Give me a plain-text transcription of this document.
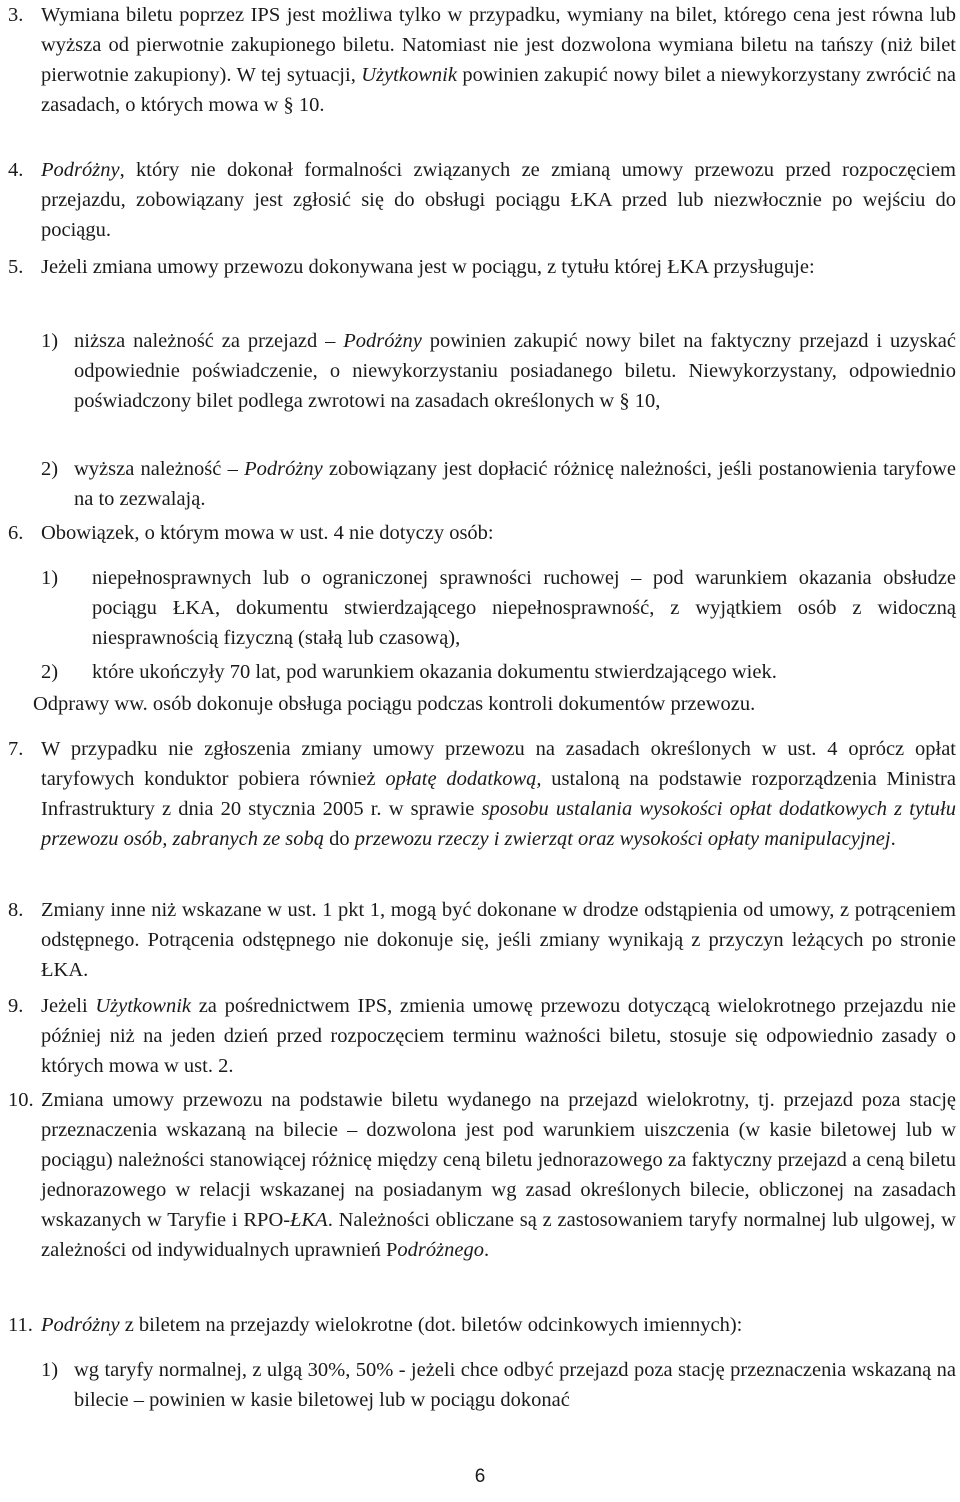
3. Wymiana biletu poprzez IPS jest możliwa tylko w przypadku, wymiany na bilet, którego cena jest równa lub wyższa od pierwotnie zakupionego biletu. Natomiast nie jest dozwolona wymiana biletu na tańszy (niż bilet pierwotnie zakupiony). W tej sytuacji, Użytkownik powinien zakupić nowy bilet a niewykorzystany zwrócić na zasadach, o których mowa w § 10.
4. Podróżny, który nie dokonał formalności związanych ze zmianą umowy przewozu przed rozpoczęciem przejazdu, zobowiązany jest zgłosić się do obsługi pociągu ŁKA przed lub niezwłocznie po wejściu do pociągu.
5. Jeżeli zmiana umowy przewozu dokonywana jest w pociągu, z tytułu której ŁKA przysługuje:
1) niższa należność za przejazd – Podróżny powinien zakupić nowy bilet na faktyczny przejazd i uzyskać odpowiednie poświadczenie, o niewykorzystaniu posiadanego biletu. Niewykorzystany, odpowiednio poświadczony bilet podlega zwrotowi na zasadach określonych w § 10,
2) wyższa należność – Podróżny zobowiązany jest dopłacić różnicę należności, jeśli postanowienia taryfowe na to zezwalają.
6. Obowiązek, o którym mowa w ust. 4 nie dotyczy osób:
1) niepełnosprawnych lub o ograniczonej sprawności ruchowej – pod warunkiem okazania obsłudze pociągu ŁKA, dokumentu stwierdzającego niepełnosprawność, z wyjątkiem osób z widoczną niesprawnością fizyczną (stałą lub czasową),
2) które ukończyły 70 lat, pod warunkiem okazania dokumentu stwierdzającego wiek.
Odprawy ww. osób dokonuje obsługa pociągu podczas kontroli dokumentów przewozu.
7. W przypadku nie zgłoszenia zmiany umowy przewozu na zasadach określonych w ust. 4 oprócz opłat taryfowych konduktor pobiera również opłatę dodatkową, ustaloną na podstawie rozporządzenia Ministra Infrastruktury z dnia 20 stycznia 2005 r. w sprawie sposobu ustalania wysokości opłat dodatkowych z tytułu przewozu osób, zabranych ze sobą do przewozu rzeczy i zwierząt oraz wysokości opłaty manipulacyjnej.
8. Zmiany inne niż wskazane w ust. 1 pkt 1, mogą być dokonane w drodze odstąpienia od umowy, z potrąceniem odstępnego. Potrącenia odstępnego nie dokonuje się, jeśli zmiany wynikają z przyczyn leżących po stronie ŁKA.
9. Jeżeli Użytkownik za pośrednictwem IPS, zmienia umowę przewozu dotyczącą wielokrotnego przejazdu nie później niż na jeden dzień przed rozpoczęciem terminu ważności biletu, stosuje się odpowiednio zasady o których mowa w ust. 2.
10. Zmiana umowy przewozu na podstawie biletu wydanego na przejazd wielokrotny, tj. przejazd poza stację przeznaczenia wskazaną na bilecie – dozwolona jest pod warunkiem uiszczenia (w kasie biletowej lub w pociągu) należności stanowiącej różnicę między ceną biletu jednorazowego za faktyczny przejazd a ceną biletu jednorazowego w relacji wskazanej na posiadanym wg zasad określonych bilecie, obliczonej na zasadach wskazanych w Taryfie i RPO-ŁKA. Należności obliczane są z zastosowaniem taryfy normalnej lub ulgowej, w zależności od indywidualnych uprawnień Podróżnego.
11. Podróżny z biletem na przejazdy wielokrotne (dot. biletów odcinkowych imiennych):
1) wg taryfy normalnej, z ulgą 30%, 50% - jeżeli chce odbyć przejazd poza stację przeznaczenia wskazaną na bilecie – powinien w kasie biletowej lub w pociągu dokonać
6
